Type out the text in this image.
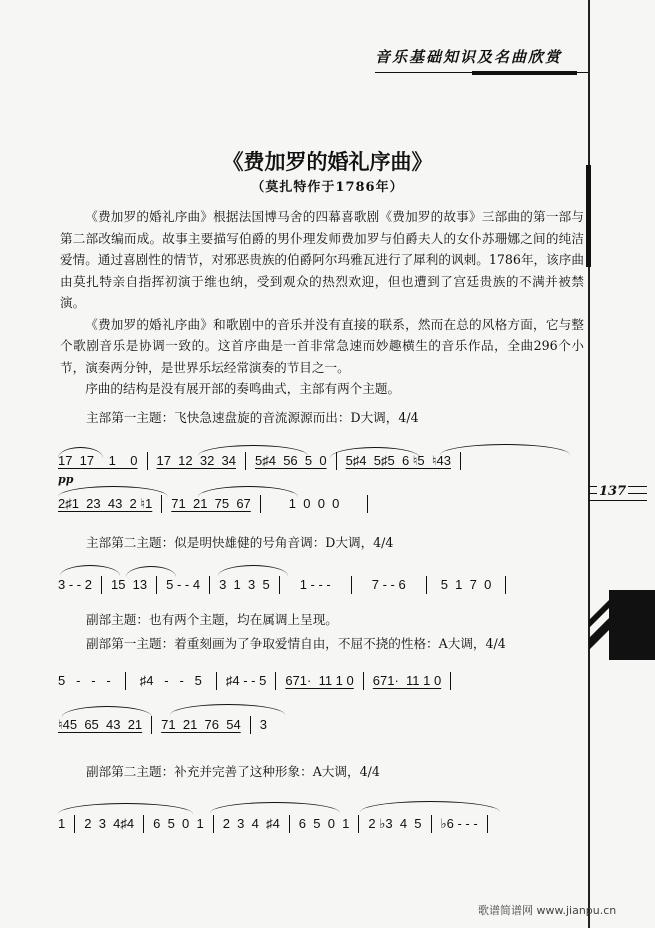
音乐基础知识及名曲欣赏
137
《费加罗的婚礼序曲》
（莫扎特作于1786年）

《费加罗的婚礼序曲》根据法国博马舍的四幕喜歌剧《费加罗的故事》三部曲的第一部与第二部改编而成。故事主要描写伯爵的男仆理发师费加罗与伯爵夫人的女仆苏珊娜之间的纯洁爱情。通过喜剧性的情节，对邪恶贵族的伯爵阿尔玛雅瓦进行了犀利的讽刺。1786年，该序曲由莫扎特亲自指挥初演于维也纳，受到观众的热烈欢迎，但也遭到了宫廷贵族的不满并被禁演。

《费加罗的婚礼序曲》和歌剧中的音乐并没有直接的联系，然而在总的风格方面，它与整个歌剧音乐是协调一致的。这首序曲是一首非常急速而妙趣横生的音乐作品，全曲296个小节，演奏两分钟，是世界乐坛经常演奏的节目之一。

序曲的结构是没有展开部的奏鸣曲式，主部有两个主题。

主部第一主题：飞快急速盘旋的音流源源而出：D大调，4/4
17  17    1    0	17  12  32  34	5♯4  56  5  0	5♯4  5♯5  6 ♮5  ♮43
pp
2♯1  23  43  2 ♮1	71  21  75  67	1  0  0  0
主部第二主题：似是明快雄健的号角音调：D大调，4/4
3 - - 2	15  13	5 - - 4	3  1  3  5	1 - - -	7 - - 6	5  1  7  0
副部主题：也有两个主题，均在属调上呈现。
副部第一主题：着重刻画为了争取爱情自由，不屈不挠的性格：A大调，4/4
5   -   -   -	♯4   -   -   5	♯4 - - 5	671·  11 1 0	671·  11 1 0
♮45  65  43  21	71  21  76  54	3
副部第二主题：补充并完善了这种形象：A大调，4/4
1	2  3  4♯4	6  5  0  1	2  3  4  ♯4	6  5  0  1	2 ♭3  4  5	♭6 - - -
歌谱简谱网 www.jianpu.cn
